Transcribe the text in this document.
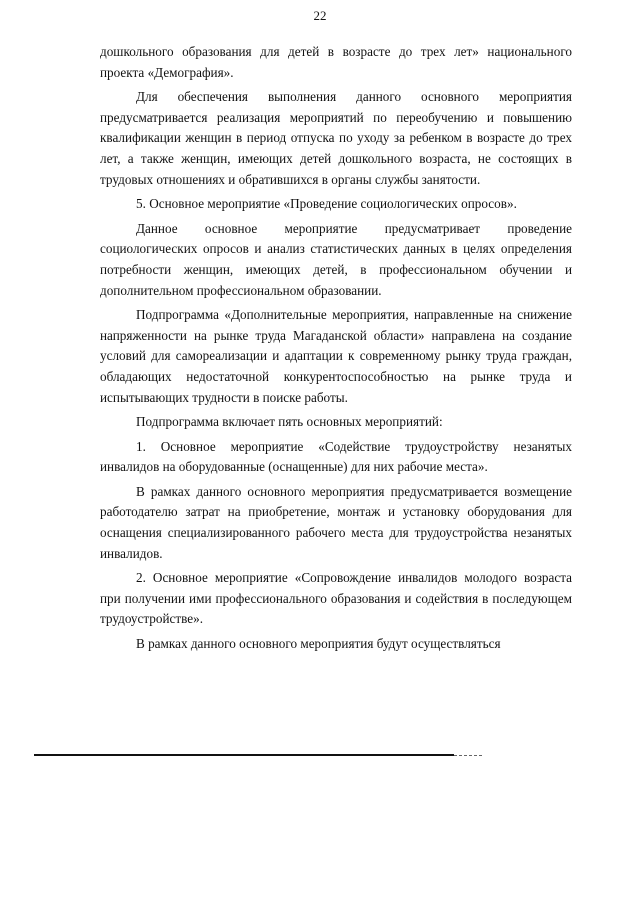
22

дошкольного образования для детей в возрасте до трех лет» национального проекта «Демография».

Для обеспечения выполнения данного основного мероприятия предусматривается реализация мероприятий по переобучению и повышению квалификации женщин в период отпуска по уходу за ребенком в возрасте до трех лет, а также женщин, имеющих детей дошкольного возраста, не состоящих в трудовых отношениях и обратившихся в органы службы занятости.

5. Основное мероприятие «Проведение социологических опросов».

Данное основное мероприятие предусматривает проведение социологических опросов и анализ статистических данных в целях определения потребности женщин, имеющих детей, в профессиональном обучении и дополнительном профессиональном образовании.

Подпрограмма «Дополнительные мероприятия, направленные на снижение напряженности на рынке труда Магаданской области» направлена на создание условий для самореализации и адаптации к современному рынку труда граждан, обладающих недостаточной конкурентоспособностью на рынке труда и испытывающих трудности в поиске работы.

Подпрограмма включает пять основных мероприятий:

1. Основное мероприятие «Содействие трудоустройству незанятых инвалидов на оборудованные (оснащенные) для них рабочие места».

В рамках данного основного мероприятия предусматривается возмещение работодателю затрат на приобретение, монтаж и установку оборудования для оснащения специализированного рабочего места для трудоустройства незанятых инвалидов.

2. Основное мероприятие «Сопровождение инвалидов молодого возраста при получении ими профессионального образования и содействия в последующем трудоустройстве».

В рамках данного основного мероприятия будут осуществляться
